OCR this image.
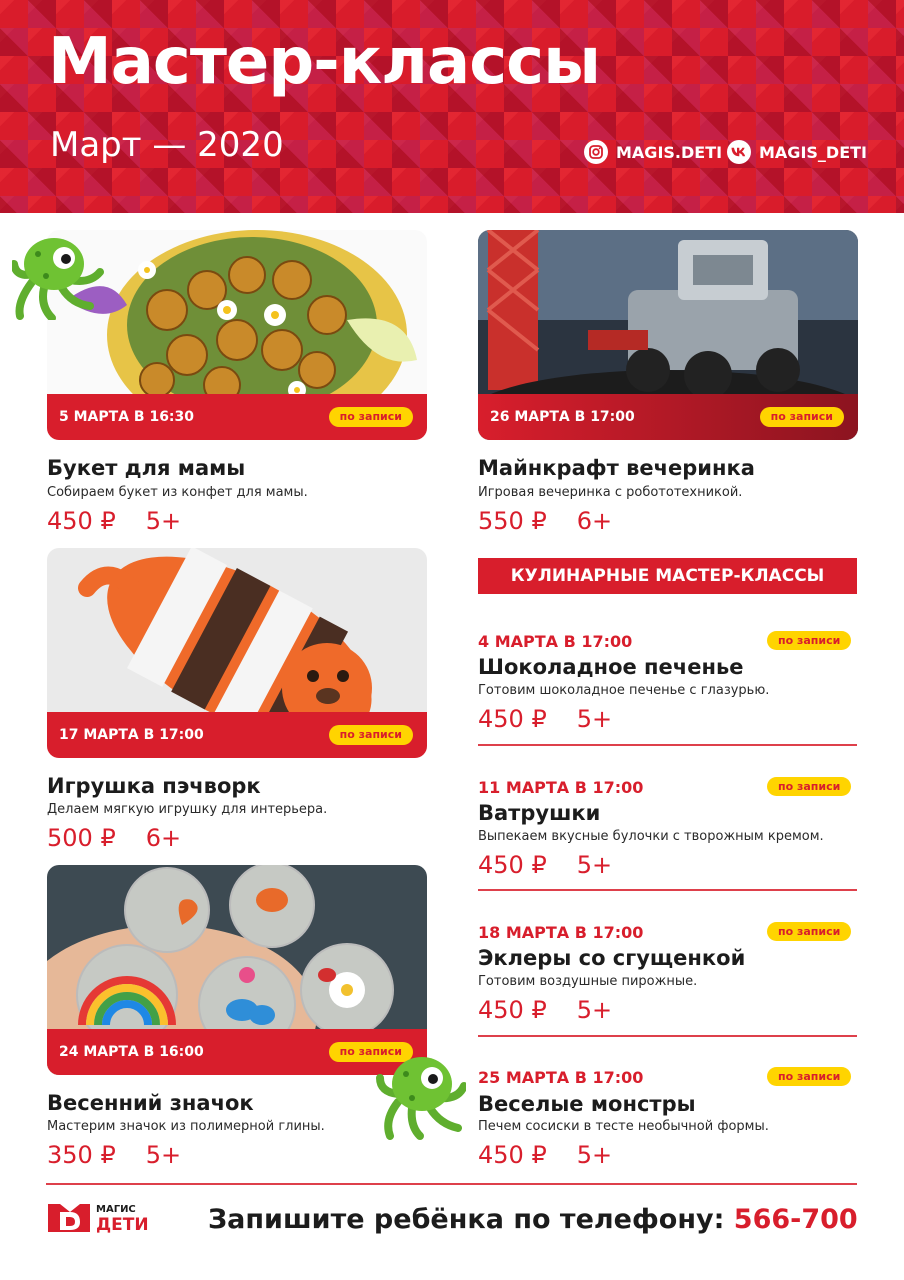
Мастер-классы
Март — 2020	MAGIS.DETI MAGIS_DETI
5 МАРТА В 16:30	по записи
Букет для мамы
Собираем букет из конфет для мамы.
450 ₽ 5+
26 МАРТА В 17:00	по записи
Майнкрафт вечеринка
Игровая вечеринка с робототехникой.
550 ₽ 6+
17 МАРТА В 17:00	по записи
Игрушка пэчворк
Делаем мягкую игрушку для интерьера.
500 ₽ 6+
24 МАРТА В 16:00	по записи
Весенний значок
Мастерим значок из полимерной глины.
350 ₽ 5+
КУЛИНАРНЫЕ МАСТЕР-КЛАССЫ
4 МАРТА В 17:00	по записи
Шоколадное печенье
Готовим шоколадное печенье с глазурью.
450 ₽ 5+
11 МАРТА В 17:00	по записи
Ватрушки
Выпекаем вкусные булочки с творожным кремом.
450 ₽ 5+
18 МАРТА В 17:00	по записи
Эклеры со сгущенкой
Готовим воздушные пирожные.
450 ₽ 5+
25 МАРТА В 17:00	по записи
Веселые монстры
Печем сосиски в тесте необычной формы.
450 ₽ 5+
МАГИС
ДЕТИ Запишите ребёнка по телефону: 566-700
